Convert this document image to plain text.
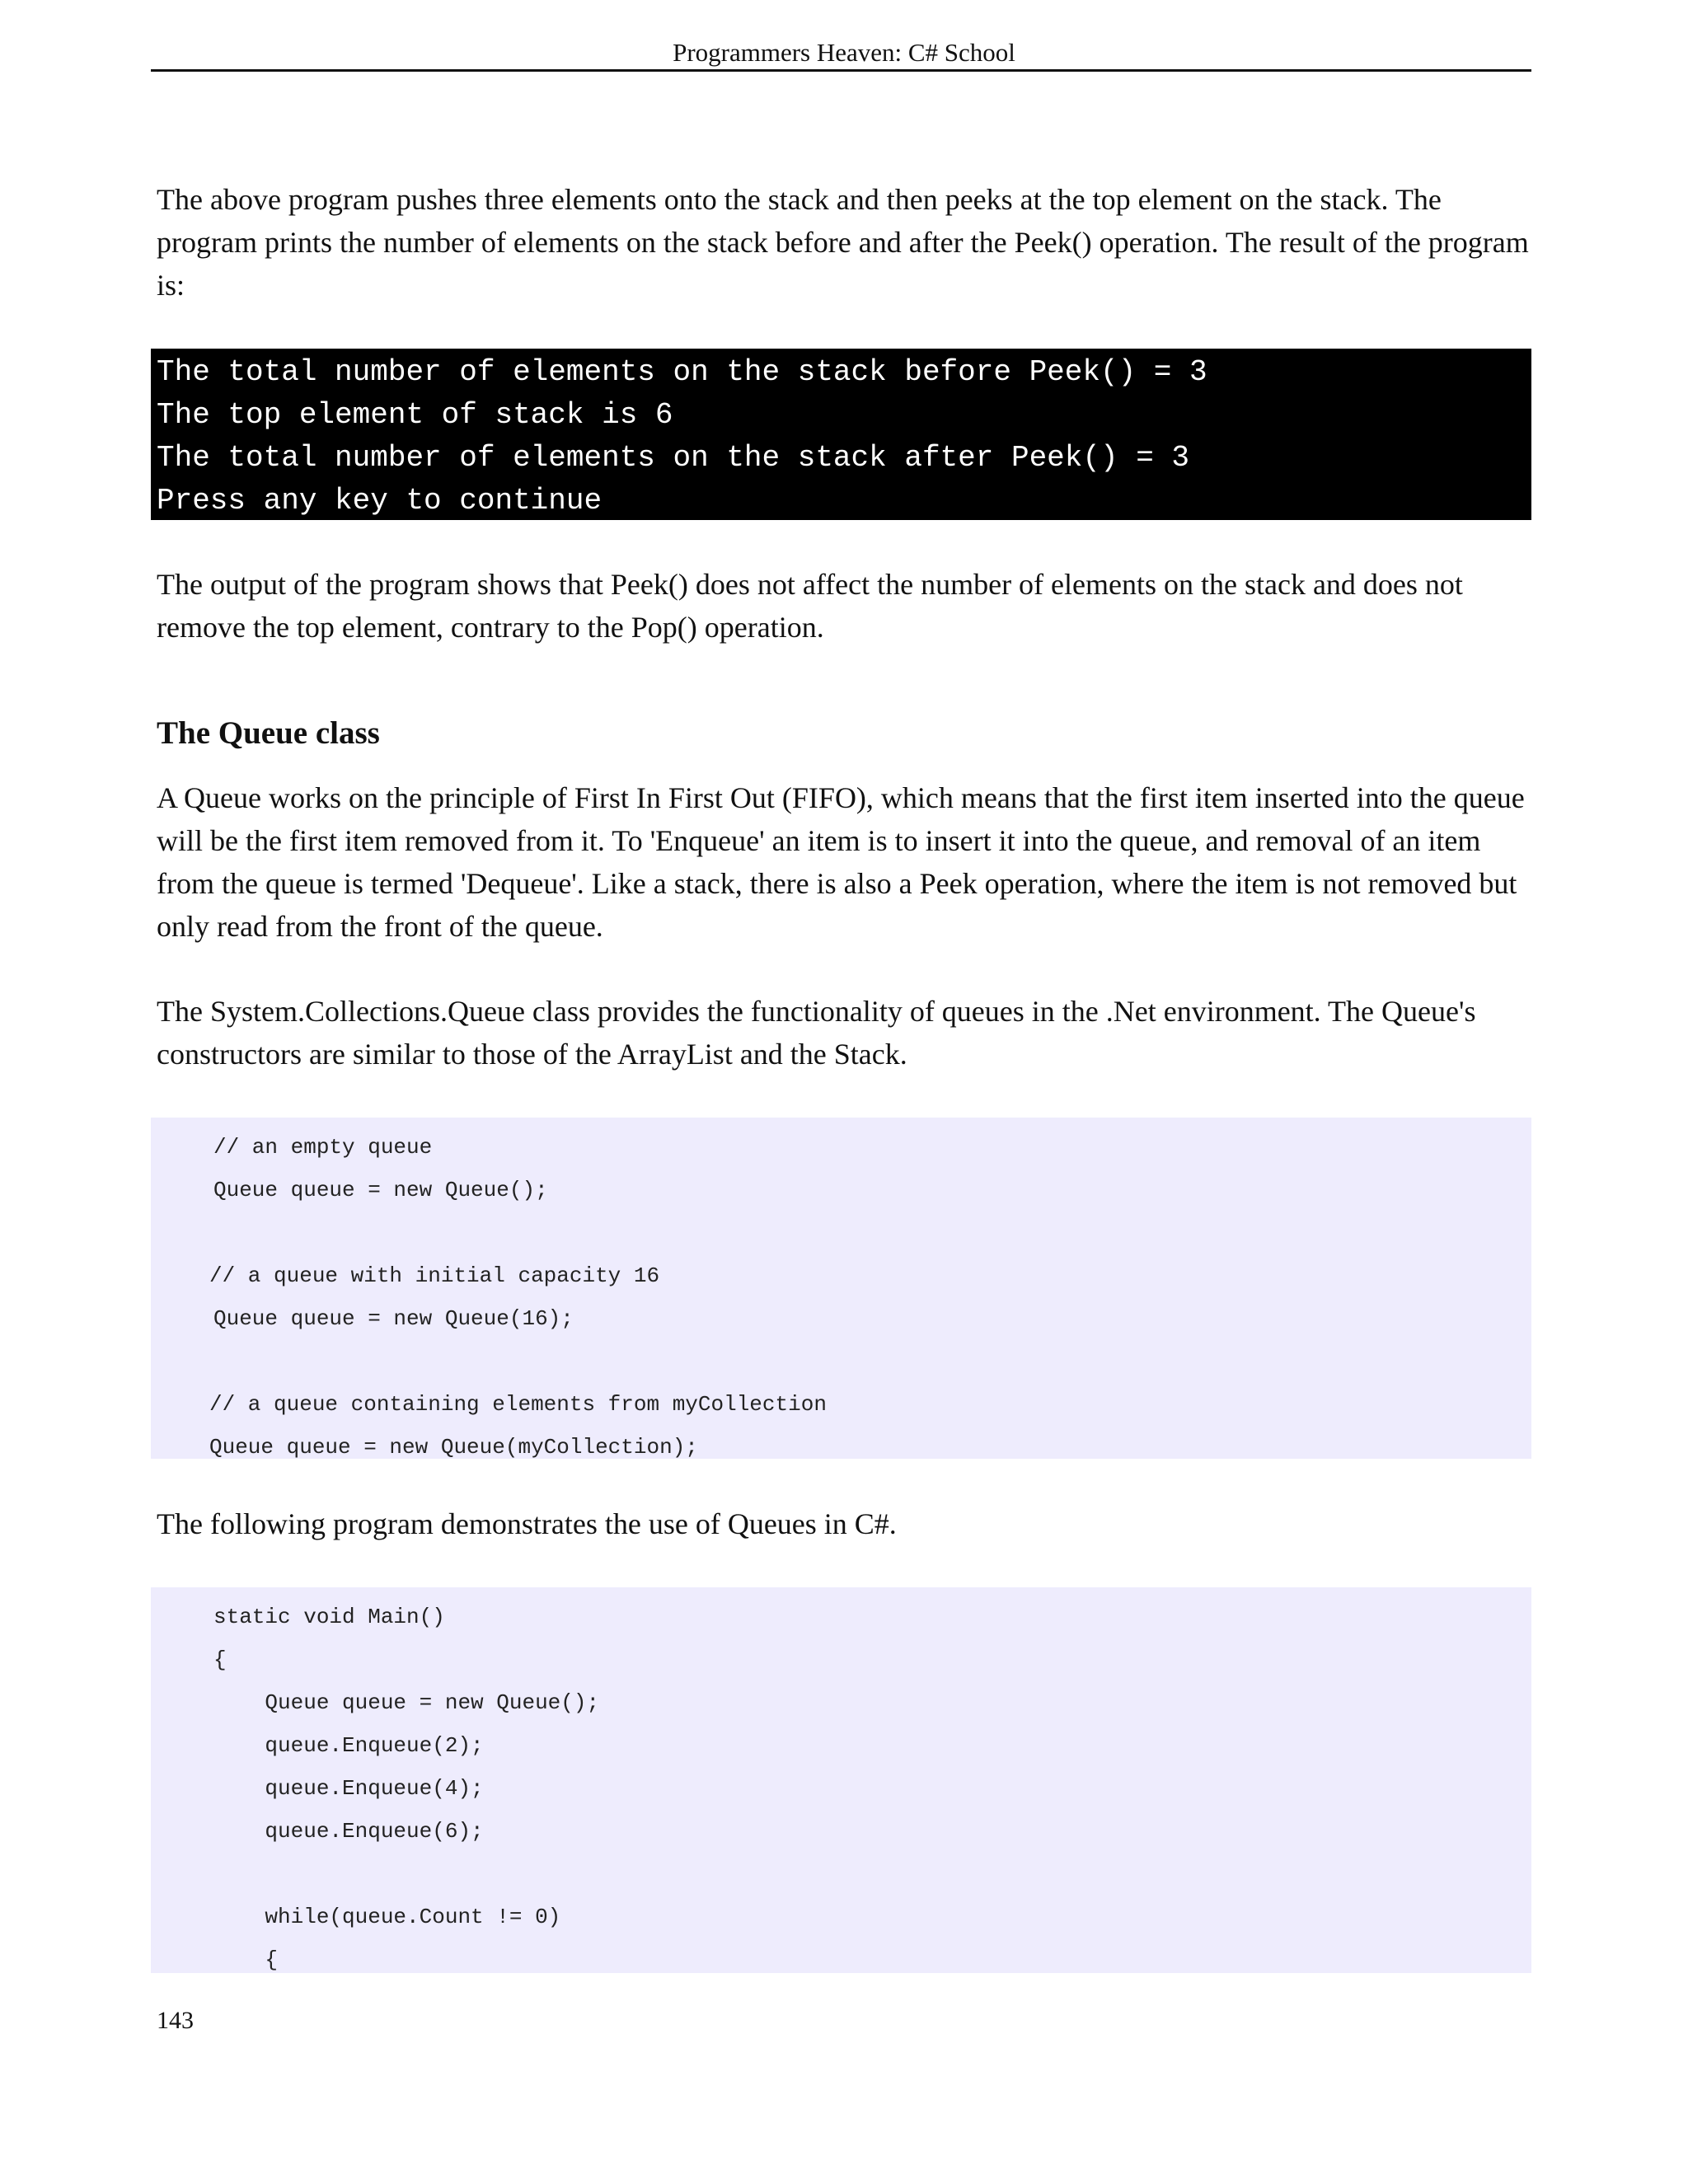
Programmers Heaven: C# School

The above program pushes three elements onto the stack and then peeks at the top element on the stack. The program prints the number of elements on the stack before and after the Peek() operation. The result of the program is:

The total number of elements on the stack before Peek() = 3
The top element of stack is 6
The total number of elements on the stack after Peek() = 3
Press any key to continue

The output of the program shows that Peek() does not affect the number of elements on the stack and does not remove the top element, contrary to the Pop() operation.

The Queue class

A Queue works on the principle of First In First Out (FIFO), which means that the first item inserted into the queue will be the first item removed from it. To 'Enqueue' an item is to insert it into the queue, and removal of an item from the queue is termed 'Dequeue'. Like a stack, there is also a Peek operation, where the item is not removed but only read from the front of the queue.

The System.Collections.Queue class provides the functionality of queues in the .Net environment. The Queue's constructors are similar to those of the ArrayList and the Stack.

// an empty queue
Queue queue = new Queue();
// a queue with initial capacity 16
Queue queue = new Queue(16);
// a queue containing elements from myCollection
Queue queue = new Queue(myCollection);

The following program demonstrates the use of Queues in C#.

static void Main()
{
Queue queue = new Queue();
queue.Enqueue(2);
queue.Enqueue(4);
queue.Enqueue(6);
while(queue.Count != 0)
{
143
